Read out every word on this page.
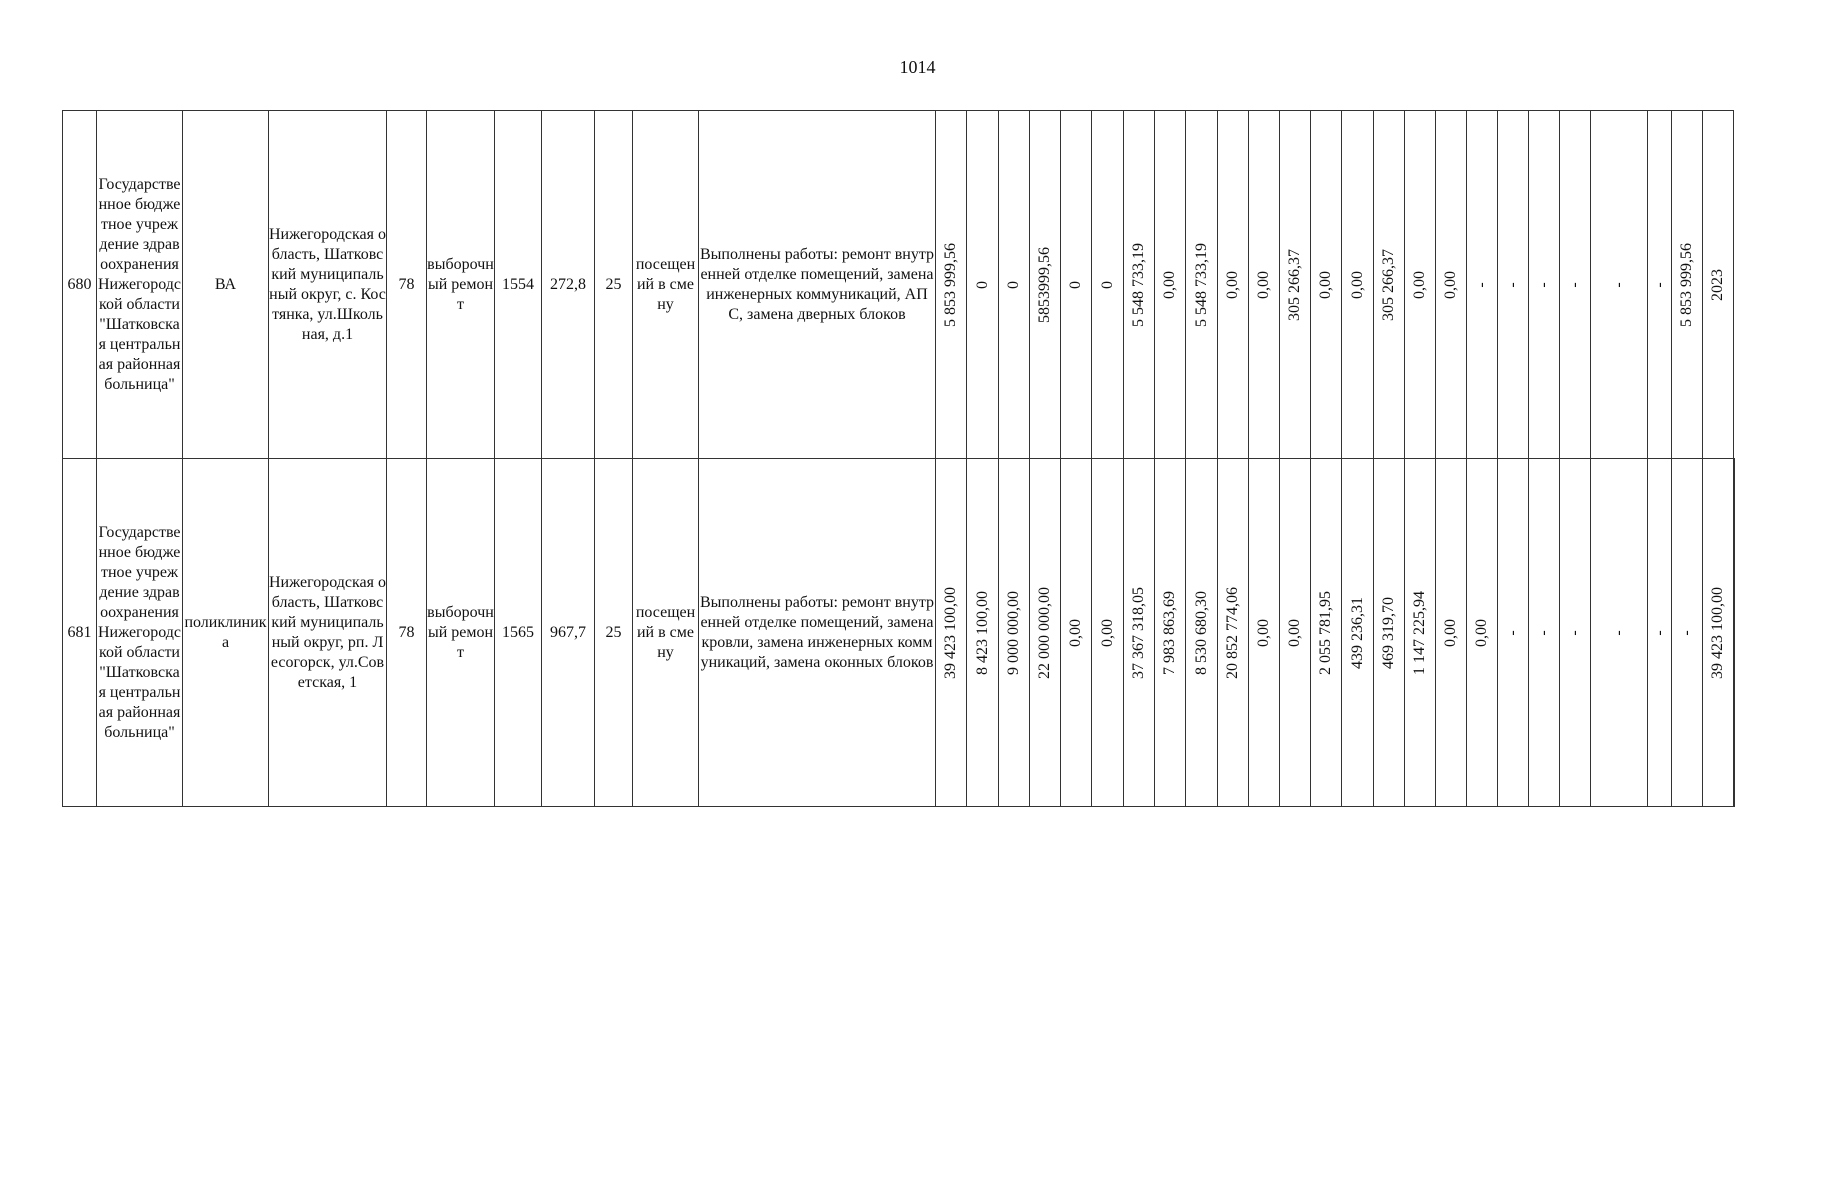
1014
680	Государственное бюджетное учреждение здравоохранения Нижегородской области "Шатковская центральная районная больница"	ВА	Нижегородская область, Шатковский муниципальный округ, с. Костянка, ул.Школьная, д.1	78	выборочный ремонт	1554	272,8	25	посещений в смену	Выполнены работы: ремонт внутренней отделке помещений, замена инженерных коммуникаций, АПС, замена дверных блоков	5 853 999,56	0	0	5853999,56	0	0	5 548 733,19	0,00	5 548 733,19	0,00	0,00	305 266,37	0,00	0,00	305 266,37	0,00	0,00	-	-	-	-	-	-	5 853 999,56	2023	

681	Государственное бюджетное учреждение здравоохранения Нижегородской области "Шатковская центральная районная больница"	поликлиника	Нижегородская область, Шатковский муниципальный округ, рп. Лесогорск, ул.Советская, 1	78	выборочный ремонт	1565	967,7	25	посещений в смену	Выполнены работы: ремонт внутренней отделке помещений, замена кровли, замена инженерных коммуникаций, замена оконных блоков	39 423 100,00	8 423 100,00	9 000 000,00	22 000 000,00	0,00	0,00	37 367 318,05	7 983 863,69	8 530 680,30	20 852 774,06	0,00	0,00	2 055 781,95	439 236,31	469 319,70	1 147 225,94	0,00	0,00	-	-	-	-	-	-	39 423 100,00
